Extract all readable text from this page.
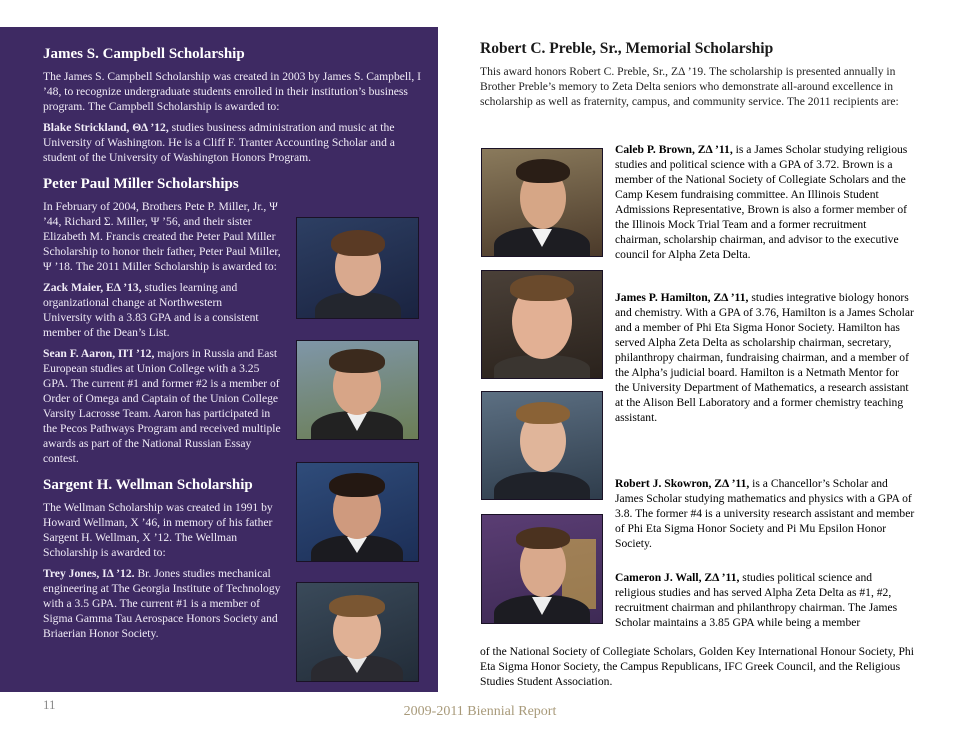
James S. Campbell Scholarship

The James S. Campbell Scholarship was created in 2003 by James S. Campbell, I ’48, to recognize undergraduate students enrolled in their institution’s business program. The Campbell Scholarship is awarded to:

Blake Strickland, ΘΔ ’12, studies business administration and music at the University of Washington. He is a Cliff F. Tranter Accounting Scholar and a student of the University of Washington Honors Program.

Peter Paul Miller Scholarships

In February of 2004, Brothers Pete P. Miller, Jr., Ψ ’44, Richard Σ. Miller, Ψ ’56, and their sister Elizabeth M. Francis created the Peter Paul Miller Scholarship to honor their father, Peter Paul Miller, Ψ ’18. The 2011 Miller Scholarship is awarded to:

Zack Maier, EΔ ’13, studies learning and organizational change at Northwestern University with a 3.83 GPA and is a consistent member of the Dean’s List.

Sean F. Aaron, ΠΊ ’12, majors in Russia and East European studies at Union College with a 3.25 GPA. The current #1 and former #2 is a member of Order of Omega and Captain of the Union College Varsity Lacrosse Team. Aaron has participated in the Pecos Pathways Program and received multiple awards as part of the National Russian Essay contest.

Sargent H. Wellman Scholarship

The Wellman Scholarship was created in 1991 by Howard Wellman, X ’46, in memory of his father Sargent H. Wellman, X ’12. The Wellman Scholarship is awarded to:

Trey Jones, IΔ ’12. Br. Jones studies mechanical engineering at The Georgia Institute of Technology with a 3.5 GPA. The current #1 is a member of Sigma Gamma Tau Aerospace Honors Society and Briaerian Honor Society.

Robert C. Preble, Sr., Memorial Scholarship

This award honors Robert C. Preble, Sr., ZΔ ’19. The scholarship is presented annually in Brother Preble’s memory to Zeta Delta seniors who demonstrate all-around excellence in scholarship as well as fraternity, campus, and community service. The 2011 recipients are:

Caleb P. Brown, ZΔ ’11, is a James Scholar studying religious studies and political science with a GPA of 3.72. Brown is a member of the National Society of Collegiate Scholars and the Camp Kesem fundraising committee. An Illinois Student Admissions Representative, Brown is also a former member of the Illinois Mock Trial Team and a former recruitment chairman, scholarship chairman, and advisor to the executive council for Alpha Zeta Delta.

James P. Hamilton, ZΔ ’11, studies integrative biology honors and chemistry. With a GPA of 3.76, Hamilton is a James Scholar and a member of Phi Eta Sigma Honor Society. Hamilton has served Alpha Zeta Delta as scholarship chairman, secretary, philanthropy chairman, fundraising chairman, and a member of the Alpha’s judicial board. Hamilton is a Netmath Mentor for the University Department of Mathematics, a research assistant at the Alison Bell Laboratory and a former chemistry teaching assistant.

Robert J. Skowron, ZΔ ’11, is a Chancellor’s Scholar and James Scholar studying mathematics and physics with a GPA of 3.8. The former #4 is a university research assistant and member of Phi Eta Sigma Honor Society and Pi Mu Epsilon Honor Society.

Cameron J. Wall, ZΔ ’11, studies political science and religious studies and has served Alpha Zeta Delta as #1, #2, recruitment chairman and philanthropy chairman. The James Scholar maintains a 3.85 GPA while being a member

of the National Society of Collegiate Scholars, Golden Key International Honour Society, Phi Eta Sigma Honor Society, the Campus Republicans, IFC Greek Council, and the Religious Studies Student Association.

11	2009-2011 Biennial Report
